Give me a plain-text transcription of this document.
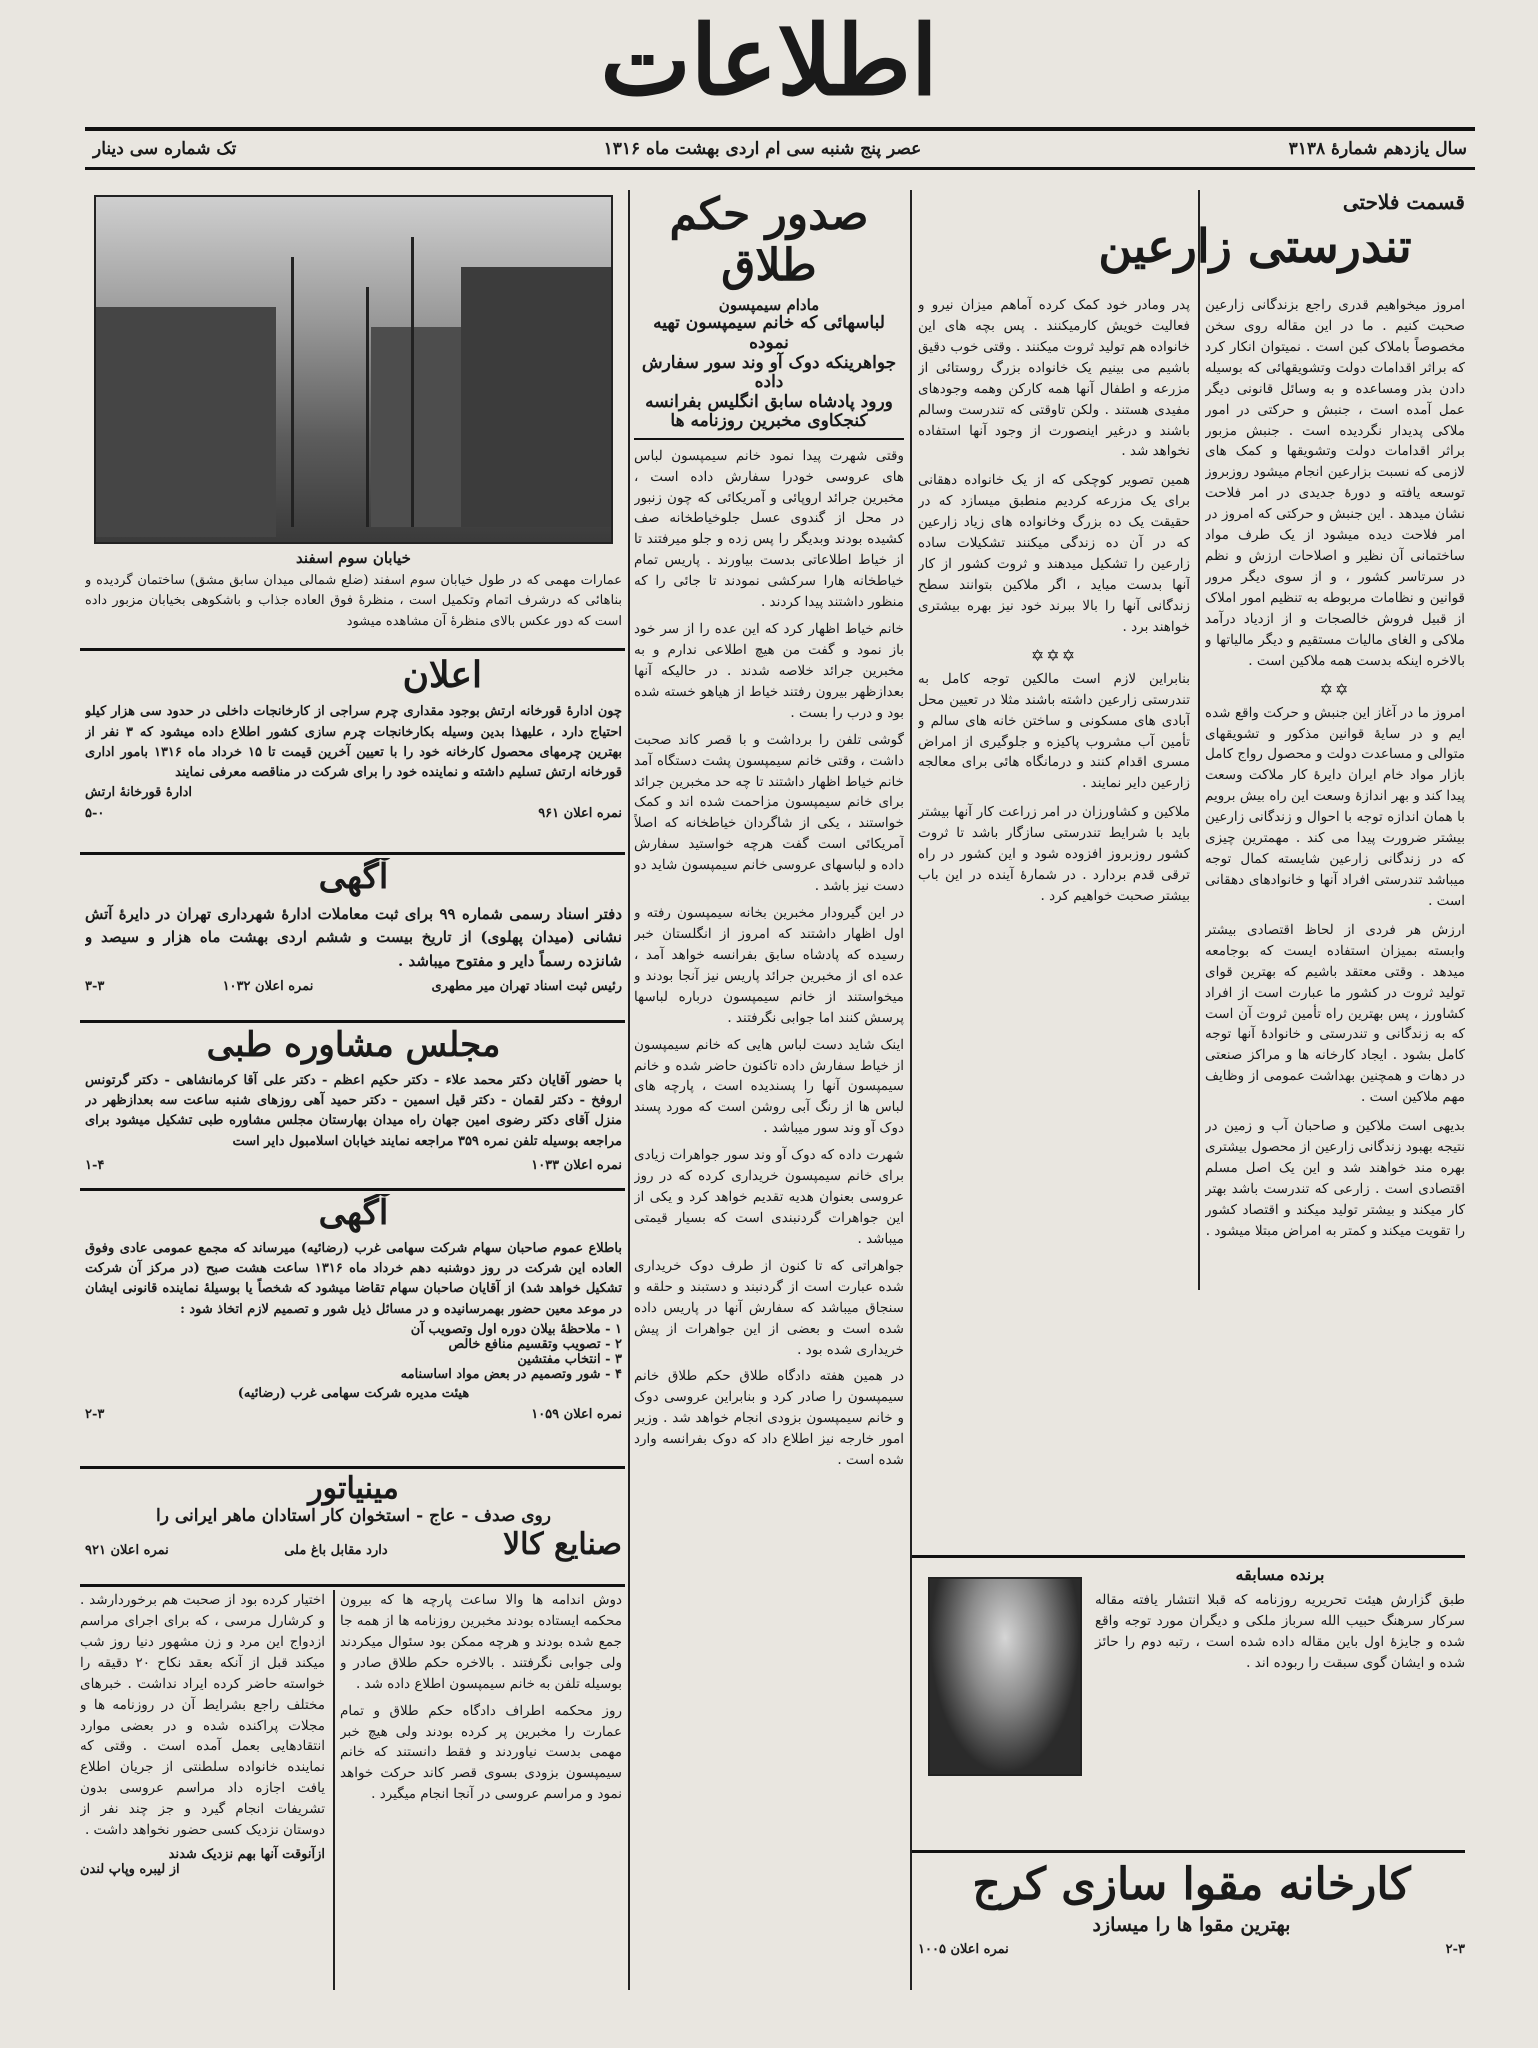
اطلاعات
سال یازدهم شمارهٔ ۳۱۳۸
عصر پنج شنبه سی ام اردی بهشت ماه ۱۳۱۶
تک شماره سی دینار
قسمت فلاحتی
تندرستی زارعین

امروز میخواهیم قدری راجع بزندگانی زارعین صحبت کنیم . ما در این مقاله روی سخن مخصوصاً باملاک کبن است . نمیتوان انکار کرد که براثر اقدامات دولت وتشویقهائی که بوسیله دادن بذر ومساعده و به وسائل قانونی دیگر عمل آمده است ، جنبش و حرکتی در امور ملاکی پدیدار نگردیده است . جنبش مزبور براثر اقدامات دولت وتشویقها و کمک های لازمی که نسبت بزارعین انجام میشود روزبروز توسعه یافته و دورهٔ جدیدی در امر فلاحت نشان میدهد . این جنبش و حرکتی که امروز در امر فلاحت دیده میشود از یک طرف مواد ساختمانی آن نظیر و اصلاحات ارزش و نظم در سرتاسر کشور ، و از سوی دیگر مرور قوانین و نظامات مربوطه به تنظیم امور املاک از قبیل فروش خالصجات و از ازدیاد درآمد ملاکی و الغای مالیات مستقیم و دیگر مالیاتها و بالاخره اینکه بدست همه ملاکین است .

✡✡

امروز ما در آغاز این جنبش و حرکت واقع شده ایم و در سایهٔ قوانین مذکور و تشویقهای متوالی و مساعدت دولت و محصول رواج کامل بازار مواد خام ایران دایرهٔ کار ملاکت وسعت پیدا کند و بهر اندازهٔ وسعت این راه بیش برویم با همان اندازه توجه با احوال و زندگانی زارعین بیشتر ضرورت پیدا می کند . مهمترین چیزی که در زندگانی زارعین شایسته کمال توجه میباشد تندرستی افراد آنها و خانوادهای دهقانی است .

ارزش هر فردی از لحاظ اقتصادی بیشتر وابسته بمیزان استفاده ایست که بوجامعه میدهد . وقتی معتقد باشیم که بهترین قوای تولید ثروت در کشور ما عبارت است از افراد کشاورز ، پس بهترین راه تأمین ثروت آن است که به زندگانی و تندرستی و خانوادهٔ آنها توجه کامل بشود . ایجاد کارخانه ها و مراکز صنعتی در دهات و همچنین بهداشت عمومی از وظایف مهم ملاکین است .

بدیهی است ملاکین و صاحبان آب و زمین در نتیجه بهبود زندگانی زارعین از محصول بیشتری بهره مند خواهند شد و این یک اصل مسلم اقتصادی است . زارعی که تندرست باشد بهتر کار میکند و بیشتر تولید میکند و اقتصاد کشور را تقویت میکند و کمتر به امراض مبتلا میشود .

پدر ومادر خود کمک کرده آماهم میزان نیرو و فعالیت خویش کارمیکنند . پس بچه های این خانواده هم تولید ثروت میکنند . وقتی خوب دقیق باشیم می بینیم یک خانواده بزرگ روستائی از مزرعه و اطفال آنها همه کارکن وهمه وجودهای مفیدی هستند . ولکن تاوقتی که تندرست وسالم باشند و درغیر اینصورت از وجود آنها استفاده نخواهد شد .

همین تصویر کوچکی که از یک خانواده دهقانی برای یک مزرعه کردیم منطبق میسازد که در حقیقت یک ده بزرگ وخانواده های زیاد زارعین که در آن ده زندگی میکنند تشکیلات ساده زارعین را تشکیل میدهند و ثروت کشور از کار آنها بدست میاید ، اگر ملاکین بتوانند سطح زندگانی آنها را بالا ببرند خود نیز بهره بیشتری خواهند برد .

✡✡✡

بنابراین لازم است مالکین توجه کامل به تندرستی زارعین داشته باشند مثلا در تعیین محل آبادی های مسکونی و ساختن خانه های سالم و تأمین آب مشروب پاکیزه و جلوگیری از امراض مسری اقدام کنند و درمانگاه هائی برای معالجه زارعین دایر نمایند .

ملاکین و کشاورزان در امر زراعت کار آنها بیشتر باید با شرایط تندرستی سازگار باشد تا ثروت کشور روزبروز افزوده شود و این کشور در راه ترقی قدم بردارد . در شمارهٔ آینده در این باب بیشتر صحبت خواهیم کرد .

برنده مسابقه

طبق گزارش هیئت تحریریه روزنامه که قبلا انتشار یافته مقاله سرکار سرهنگ حبیب الله سرباز ملکی و دیگران مورد توجه واقع شده و جایزهٔ اول باین مقاله داده شده است ، رتبه دوم را حائز شده و ایشان گوی سبقت را ربوده اند .

کارخانه مقوا سازی کرج
بهترین مقوا ها را میسازد
۲-۳
نمره اعلان ۱۰۰۵
صدور حکم طلاق
مادام سیمپسون
لباسهائی که خانم سیمپسون تهیه نموده
جواهرینکه دوک آو وند سور سفارش داده
ورود پادشاه سابق انگلیس بفرانسه
کنجکاوی مخبرین روزنامه ها

وقتی شهرت پیدا نمود خانم سیمپسون لباس های عروسی خودرا سفارش داده است ، مخبرین جرائد اروپائی و آمریکائی که چون زنبور در محل از گندوی عسل جلوخیاطخانه صف کشیده بودند وبدیگر را پس زده و جلو میرفتند تا از خیاط اطلاعاتی بدست بیاورند . پاریس تمام خیاطخانه هارا سرکشی نمودند تا جائی را که منظور داشتند پیدا کردند .

خانم خیاط اظهار کرد که این عده را از سر خود باز نمود و گفت من هیچ اطلاعی ندارم و به مخبرین جرائد خلاصه شدند . در حالیکه آنها بعدازظهر بیرون رفتند خیاط از هیاهو خسته شده بود و درب را بست .

گوشی تلفن را برداشت و با قصر کاند صحبت داشت ، وقتی خانم سیمپسون پشت دستگاه آمد خانم خیاط اظهار داشتند تا چه حد مخبرین جرائد برای خانم سیمپسون مزاحمت شده اند و کمک خواستند ، یکی از شاگردان خیاطخانه که اصلاً آمریکائی است گفت هرچه خواستید سفارش داده و لباسهای عروسی خانم سیمپسون شاید دو دست نیز باشد .

در این گیرودار مخبرین بخانه سیمپسون رفته و اول اظهار داشتند که امروز از انگلستان خبر رسیده که پادشاه سابق بفرانسه خواهد آمد ، عده ای از مخبرین جرائد پاریس نیز آنجا بودند و میخواستند از خانم سیمپسون درباره لباسها پرسش کنند اما جوابی نگرفتند .

اینک شاید دست لباس هایی که خانم سیمپسون از خیاط سفارش داده تاکنون حاضر شده و خانم سیمپسون آنها را پسندیده است ، پارچه های لباس ها از رنگ آبی روشن است که مورد پسند دوک آو وند سور میباشد .

شهرت داده که دوک آو وند سور جواهرات زیادی برای خانم سیمپسون خریداری کرده که در روز عروسی بعنوان هدیه تقدیم خواهد کرد و یکی از این جواهرات گردنبندی است که بسیار قیمتی میباشد .

جواهراتی که تا کنون از طرف دوک خریداری شده عبارت است از گردنبند و دستبند و حلقه و سنجاق میباشد که سفارش آنها در پاریس داده شده است و بعضی از این جواهرات از پیش خریداری شده بود .

در همین هفته دادگاه طلاق حکم طلاق خانم سیمپسون را صادر کرد و بنابراین عروسی دوک و خانم سیمپسون بزودی انجام خواهد شد . وزیر امور خارجه نیز اطلاع داد که دوک بفرانسه وارد شده است .

دوش اندامه ها والا ساعت پارچه ها که بیرون محکمه ایستاده بودند مخبرین روزنامه ها از همه جا جمع شده بودند و هرچه ممکن بود سئوال میکردند ولی جوابی نگرفتند . بالاخره حکم طلاق صادر و بوسیله تلفن به خانم سیمپسون اطلاع داده شد .

روز محکمه اطراف دادگاه حکم طلاق و تمام عمارت را مخبرین پر کرده بودند ولی هیچ خبر مهمی بدست نیاوردند و فقط دانستند که خانم سیمپسون بزودی بسوی قصر کاند حرکت خواهد نمود و مراسم عروسی در آنجا انجام میگیرد .

اختیار کرده بود از صحبت هم برخوردارشد . و کرشارل مرسی ، که برای اجرای مراسم ازدواج این مرد و زن مشهور دنیا روز شب میکند قبل از آنکه بعقد نکاح ۲۰ دقیقه را خواسته حاضر کرده ایراد نداشت . خبرهای مختلف راجع بشرایط آن در روزنامه ها و مجلات پراکنده شده و در بعضی موارد انتقادهایی بعمل آمده است . وقتی که نماینده خانواده سلطنتی از جریان اطلاع یافت اجازه داد مراسم عروسی بدون تشریفات انجام گیرد و جز چند نفر از دوستان نزدیک کسی حضور نخواهد داشت .

ازآنوقت آنها بهم نزدیک شدند
از لیبره وپاپ لندن
خیابان سوم اسفند

عمارات مهمی که در طول خیابان سوم اسفند (ضلع شمالی میدان سابق مشق) ساختمان گردیده و بناهائی که درشرف اتمام وتکمیل است ، منظرهٔ فوق العاده جذاب و باشکوهی بخیابان مزبور داده است که دور عکس بالای منظرهٔ آن مشاهده میشود

اعلان

چون ادارهٔ قورخانه ارتش بوجود مقداری چرم سراجی از کارخانجات داخلی در حدود سی هزار کیلو احتیاج دارد ، علیهذا بدین وسیله بکارخانجات چرم سازی کشور اطلاع داده میشود که ۳ نفر از بهترین چرمهای محصول کارخانه خود را با تعیین آخرین قیمت تا ۱۵ خرداد ماه ۱۳۱۶ بامور اداری قورخانه ارتش تسلیم داشته و نماینده خود را برای شرکت در مناقصه معرفی نمایند

ادارهٔ قورخانهٔ ارتش
نمره اعلان ۹۶۱
۵-۰
آگهی

دفتر اسناد رسمی شماره ۹۹ برای ثبت معاملات ادارهٔ شهرداری تهران در دایرهٔ آتش نشانی (میدان پهلوی) از تاریخ بیست و ششم اردی بهشت ماه هزار و سیصد و شانزده رسماً دایر و مفتوح میباشد .

رئیس ثبت اسناد تهران میر مطهری
نمره اعلان ۱۰۳۲
۳-۳
مجلس مشاوره طبی

با حضور آقایان دکتر محمد علاء - دکتر حکیم اعظم - دکتر علی آقا کرمانشاهی - دکتر گرتونس اروفخ - دکتر لقمان - دکتر قیل اسمین - دکتر حمید آهی روزهای شنبه ساعت سه بعدازظهر در منزل آقای دکتر رضوی امین جهان راه میدان بهارستان مجلس مشاوره طبی تشکیل میشود برای مراجعه بوسیله تلفن نمره ۳۵۹ مراجعه نمایند خیابان اسلامبول دایر است

نمره اعلان ۱۰۳۳
۱-۴
آگهی

باطلاع عموم صاحبان سهام شرکت سهامی غرب (رضائیه) میرساند که مجمع عمومی عادی وفوق العاده این شرکت در روز دوشنبه دهم خرداد ماه ۱۳۱۶ ساعت هشت صبح (در مرکز آن شرکت تشکیل خواهد شد) از آقایان صاحبان سهام تقاضا میشود که شخصاً یا بوسیلهٔ نماینده قانونی ایشان در موعد معین حضور بهمرسانیده و در مسائل ذیل شور و تصمیم لازم اتخاذ شود :

۱ - ملاحظهٔ بیلان دوره اول وتصویب آن
۲ - تصویب وتقسیم منافع خالص
۳ - انتخاب مفتشین
۴ - شور وتصمیم در بعض مواد اساسنامه
هیئت مدیره شرکت سهامی غرب (رضائیه)
نمره اعلان ۱۰۵۹
۲-۳
مینیاتور
روی صدف - عاج - استخوان کار استادان ماهر ایرانی را
صنایع کالا
دارد مقابل باغ ملی
نمره اعلان ۹۲۱
